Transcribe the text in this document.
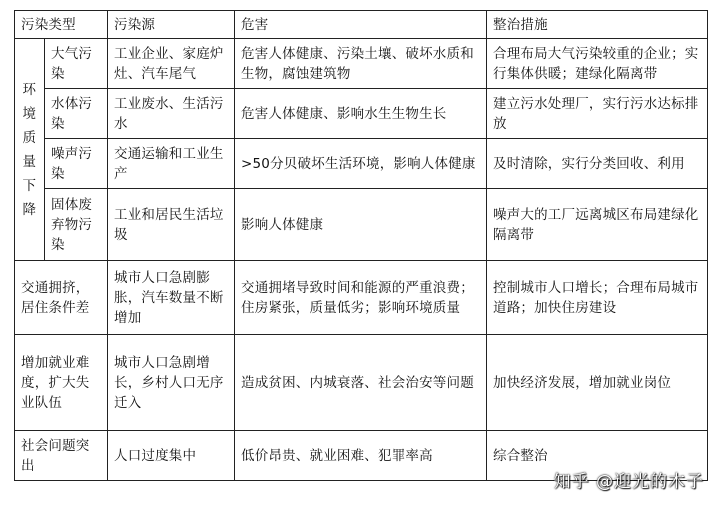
污染类型		污染源	危害	整治措施

环境质量下降	大气污染	工业企业、家庭炉灶、汽车尾气	危害人体健康、污染土壤、破坏水质和生物，腐蚀建筑物	合理布局大气污染较重的企业；实行集体供暖；建绿化隔离带
	水体污染	工业废水、生活污水	危害人体健康、影响水生生物生长	建立污水处理厂，实行污水达标排放
	噪声污染	交通运输和工业生产	>50分贝破坏生活环境，影响人体健康	及时清除，实行分类回收、利用
	固体废弃物污染	工业和居民生活垃圾	影响人体健康	噪声大的工厂远离城区布局建绿化隔离带
交通拥挤，居住条件差		城市人口急剧膨胀，汽车数量不断增加	交通拥堵导致时间和能源的严重浪费；住房紧张，质量低劣；影响环境质量	控制城市人口增长；合理布局城市道路；加快住房建设
增加就业难度，扩大失业队伍		城市人口急剧增长，乡村人口无序迁入	造成贫困、内城衰落、社会治安等问题	加快经济发展，增加就业岗位
社会问题突出		人口过度集中	低价昂贵、就业困难、犯罪率高	综合整治
知乎 @迎光的木子
